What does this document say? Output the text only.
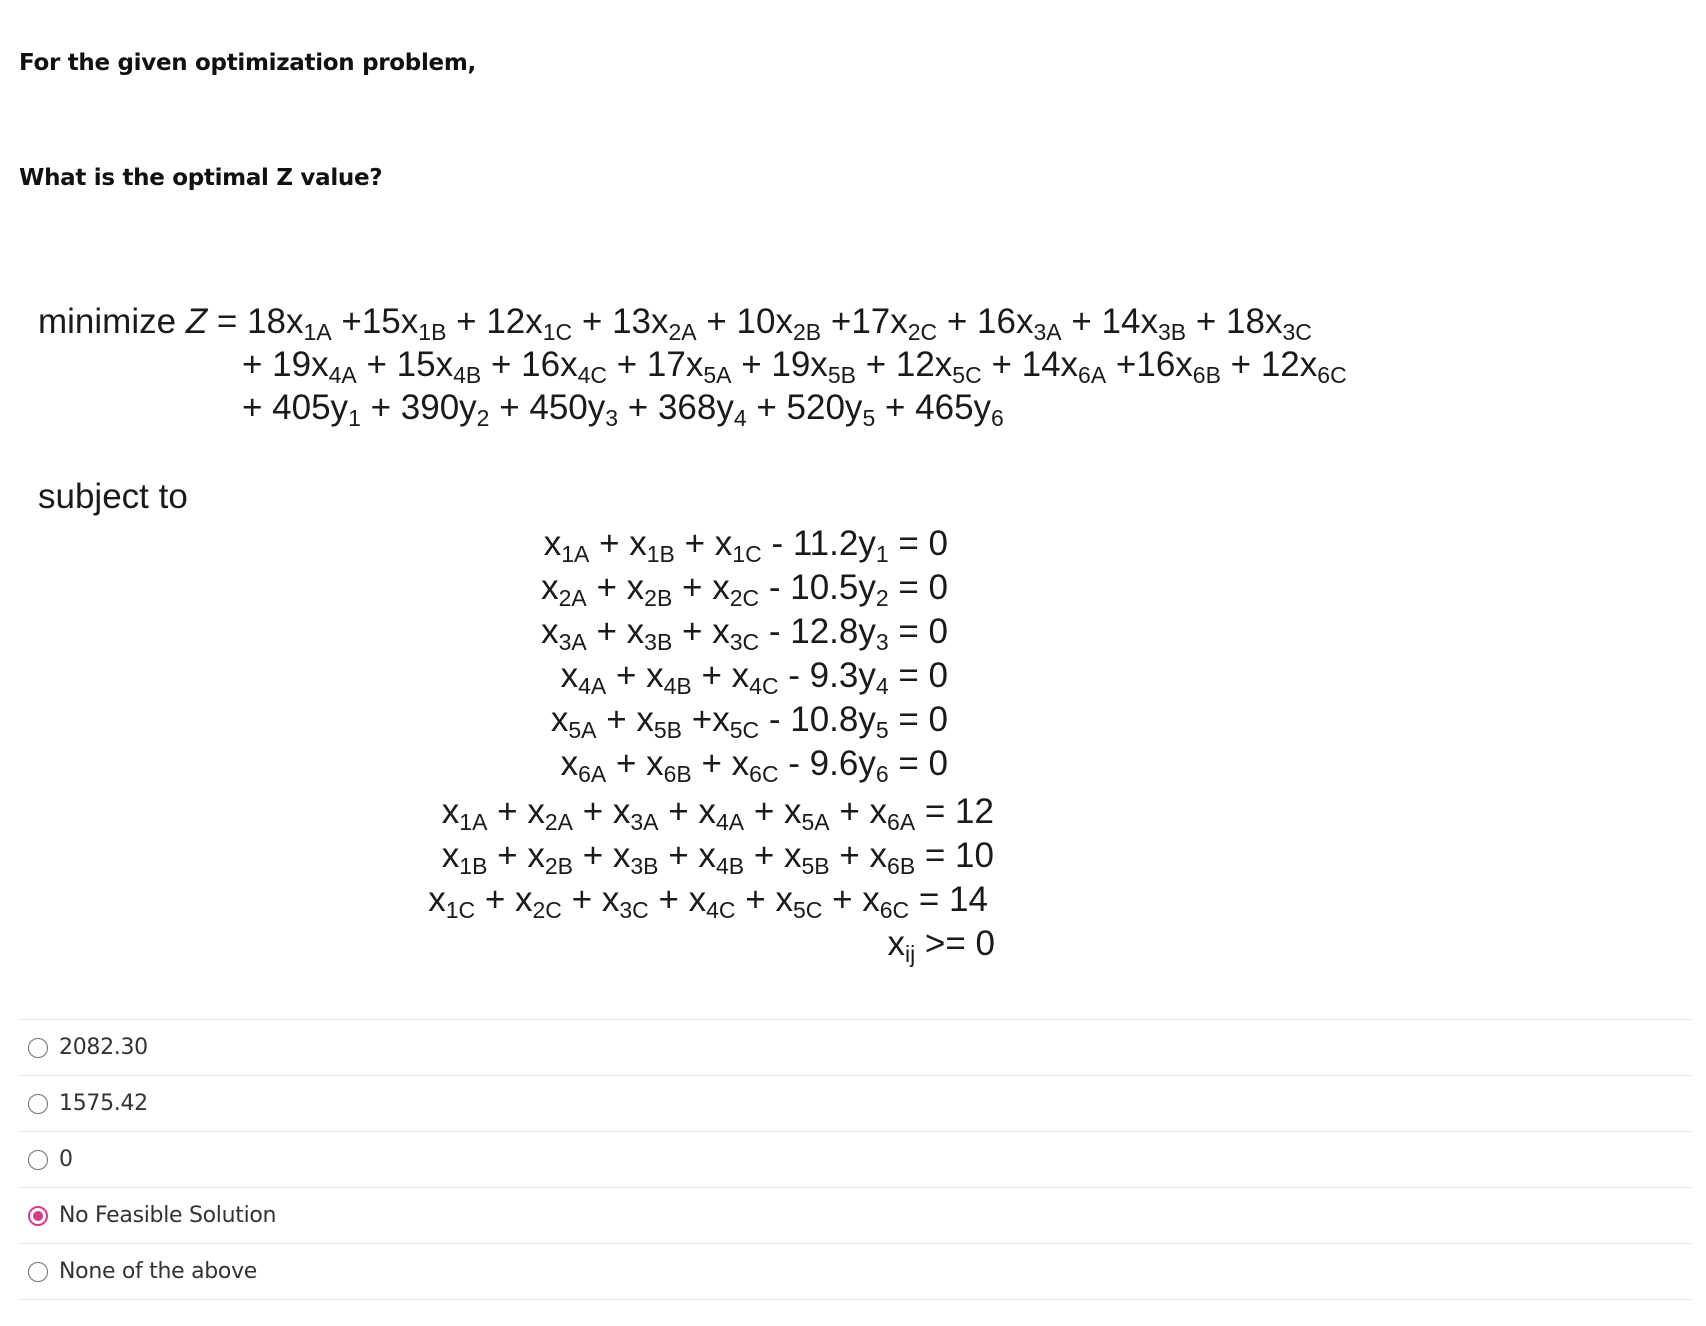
For the given optimization problem,
What is the optimal Z value?
minimize $Z = 18x_{1A} +15x_{1B} + 12x_{1C} + 13x_{2A} + 10x_{2B} +17x_{2C} + 16x_{3A} + 14x_{3B} + 18x_{3C}$
+ $19x_{4A} + 15x_{4B} + 16x_{4C} + 17x_{5A} + 19x_{5B} + 12x_{5C} + 14x_{6A} +16x_{6B} + 12x_{6C}$
+ $405y_1 + 390y_2 + 450y_3 + 368y_4 + 520y_5 + 465y_6$
subject to
$x_{1A} + x_{1B} + x_{1C} - 11.2y_1 = 0$
$x_{2A} + x_{2B} + x_{2C} - 10.5y_2 = 0$
$x_{3A} + x_{3B} + x_{3C} - 12.8y_3 = 0$
$x_{4A} + x_{4B} + x_{4C} - 9.3y_4 = 0$
$x_{5A} + x_{5B} +x_{5C} - 10.8y_5 = 0$
$x_{6A} + x_{6B} + x_{6C} - 9.6y_6 = 0$
$x_{1A} + x_{2A} + x_{3A} + x_{4A} + x_{5A} + x_{6A} = 12$
$x_{1B} + x_{2B} + x_{3B} + x_{4B} + x_{5B} + x_{6B} = 10$
$x_{1C} + x_{2C} + x_{3C} + x_{4C} + x_{5C} + x_{6C} = 14$
$x_{ij} >= 0$
2082.30
1575.42
0
No Feasible Solution
None of the above
